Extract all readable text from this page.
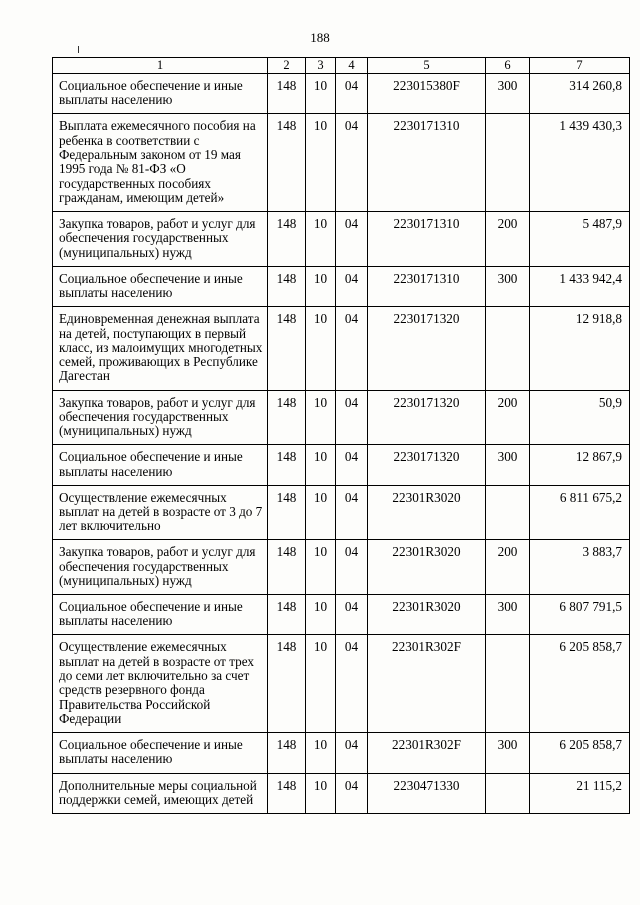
188
1	2	3	4	5	6	7
Социальное обеспечение и иные выплаты населению	148	10	04	223015380F	300	314 260,8
Выплата ежемесячного пособия на ребенка в соответствии с Федеральным законом от 19 мая 1995 года № 81-ФЗ «О государственных пособиях гражданам, имеющим детей»	148	10	04	2230171310		1 439 430,3
Закупка товаров, работ и услуг для обеспечения государственных (муниципальных) нужд	148	10	04	2230171310	200	5 487,9
Социальное обеспечение и иные выплаты населению	148	10	04	2230171310	300	1 433 942,4
Единовременная денежная выплата на детей, поступающих в первый класс, из малоимущих многодетных семей, проживающих в Республике Дагестан	148	10	04	2230171320		12 918,8
Закупка товаров, работ и услуг для обеспечения государственных (муниципальных) нужд	148	10	04	2230171320	200	50,9
Социальное обеспечение и иные выплаты населению	148	10	04	2230171320	300	12 867,9
Осуществление ежемесячных выплат на детей в возрасте от 3 до 7 лет включительно	148	10	04	22301R3020		6 811 675,2
Закупка товаров, работ и услуг для обеспечения государственных (муниципальных) нужд	148	10	04	22301R3020	200	3 883,7
Социальное обеспечение и иные выплаты населению	148	10	04	22301R3020	300	6 807 791,5
Осуществление ежемесячных выплат на детей в возрасте от трех до семи лет включительно за счет средств резервного фонда Правительства Российской Федерации	148	10	04	22301R302F		6 205 858,7
Социальное обеспечение и иные выплаты населению	148	10	04	22301R302F	300	6 205 858,7
Дополнительные меры социальной поддержки семей, имеющих детей	148	10	04	2230471330		21 115,2
